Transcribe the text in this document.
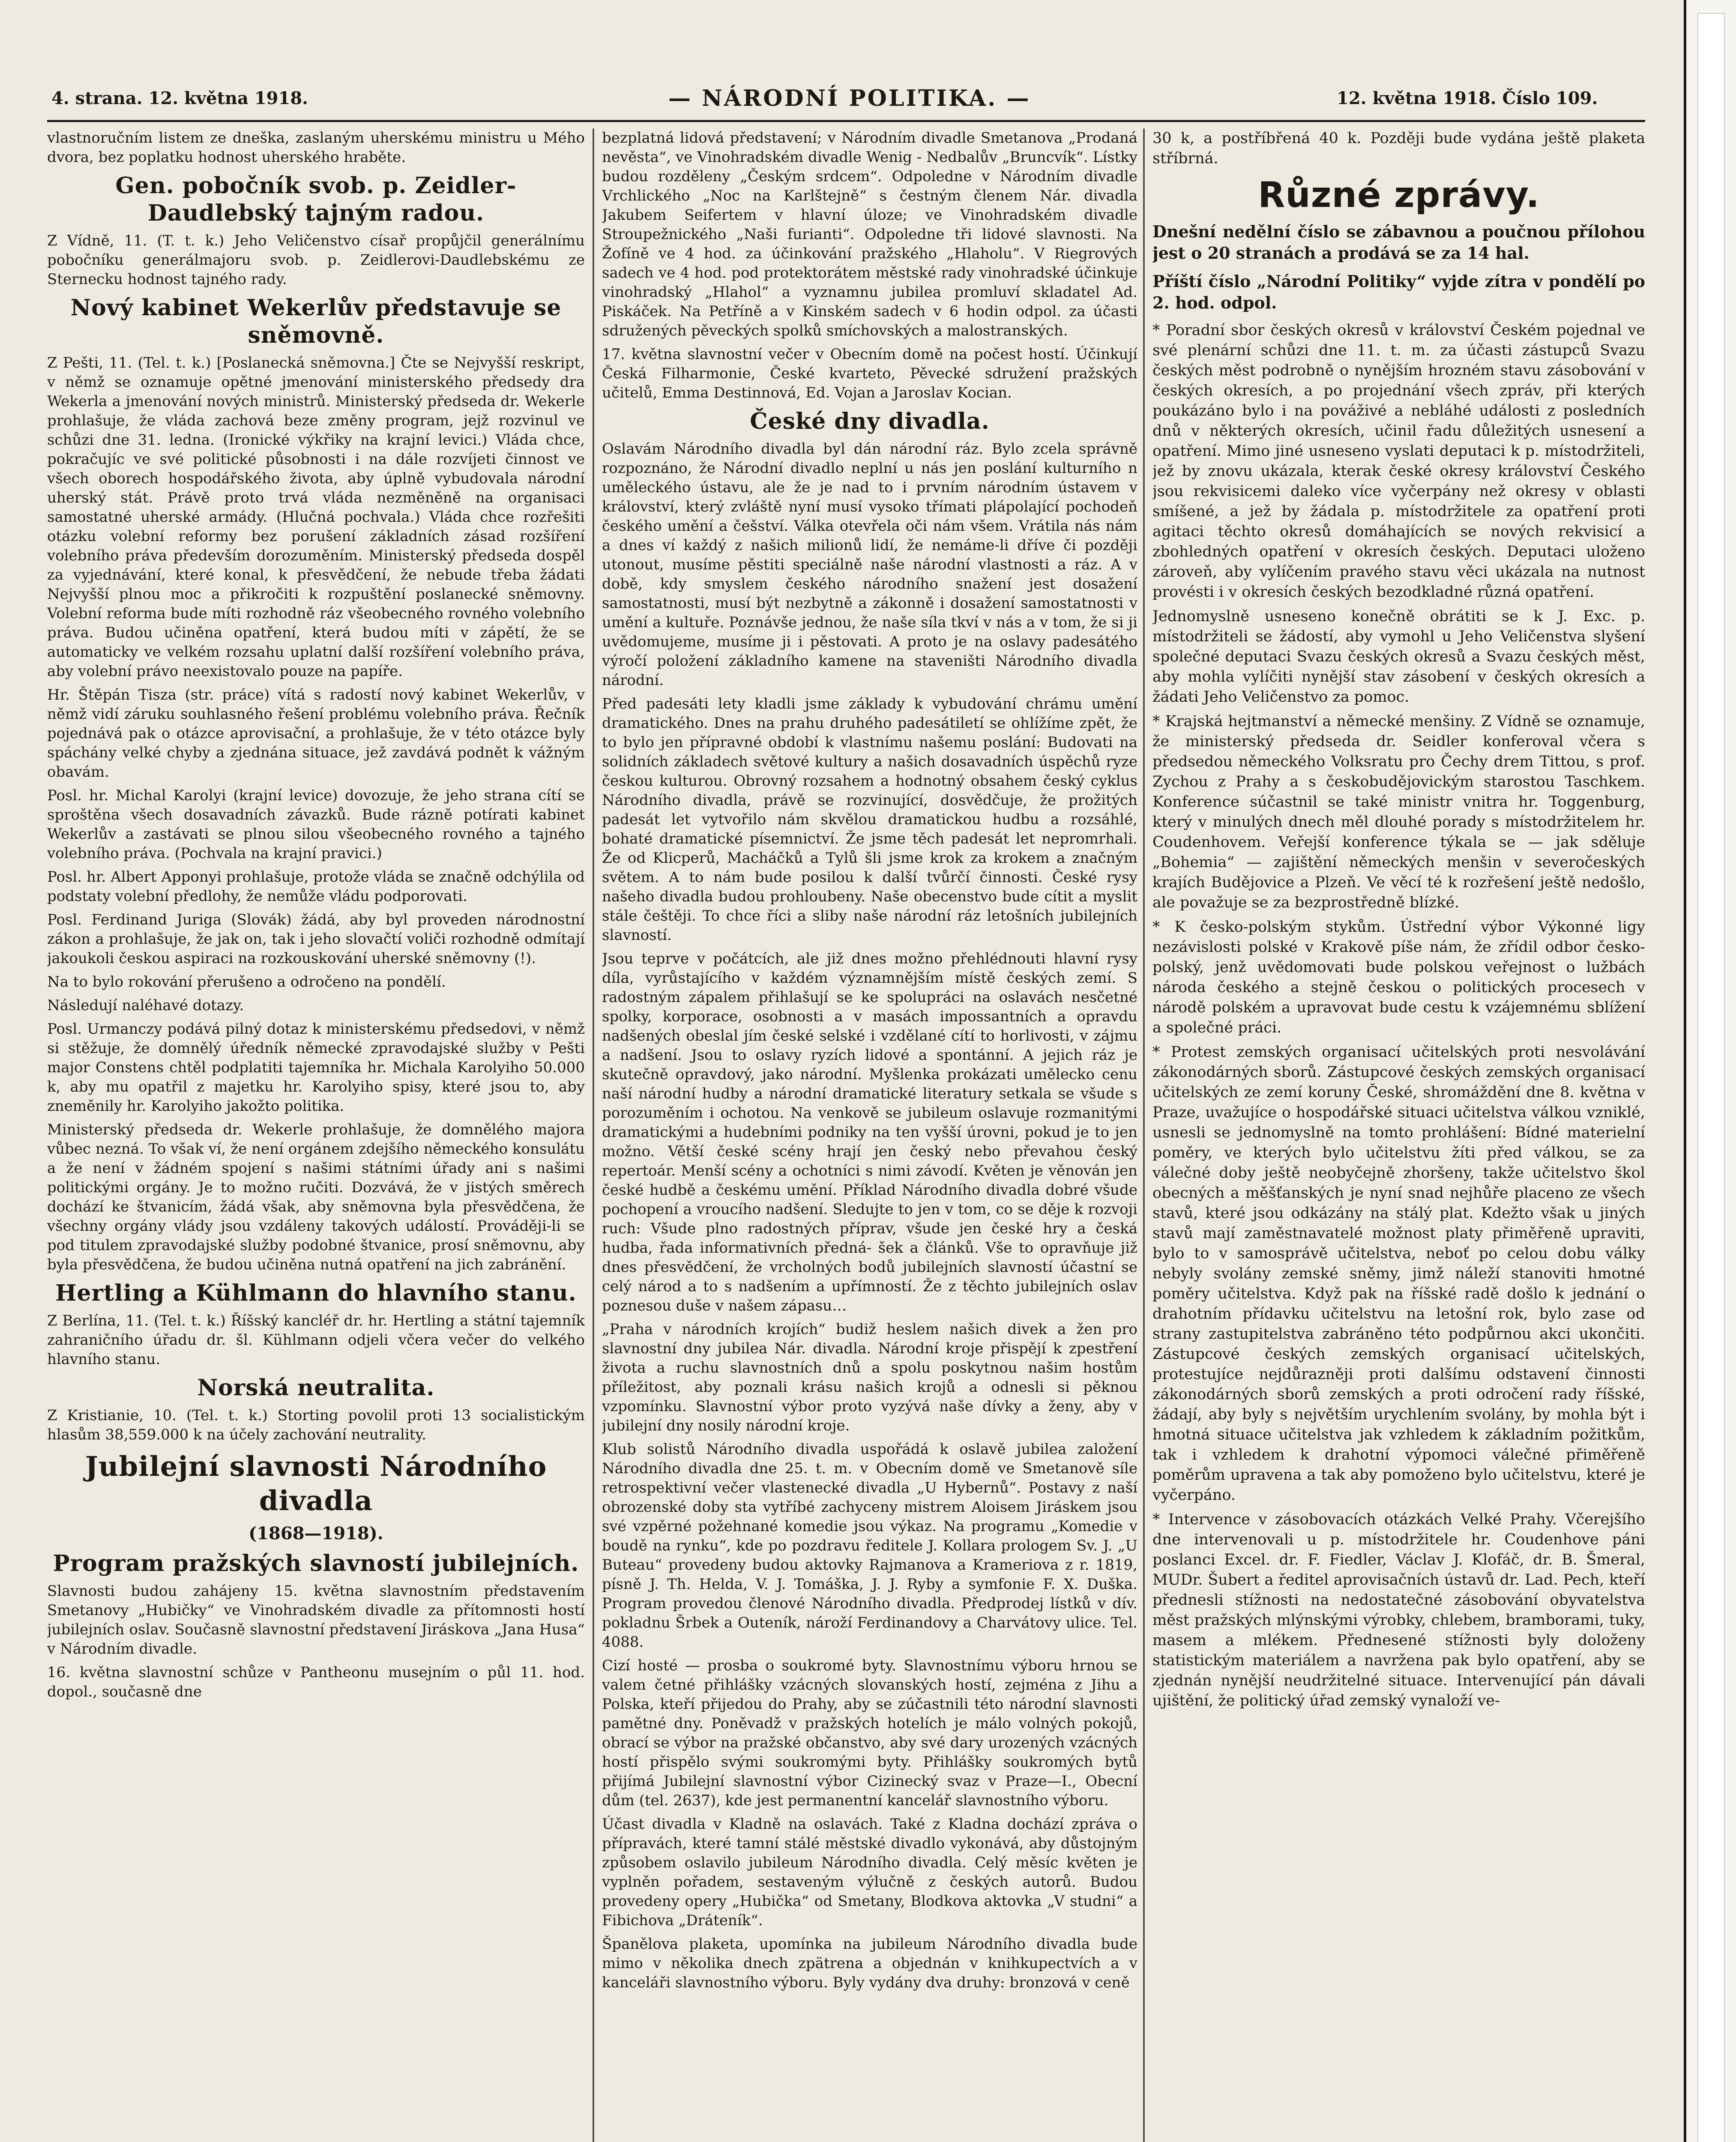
4. strana. 12. května 1918.	— NÁRODNÍ POLITIKA. —	12. května 1918. Číslo 109.

vlastnoručním listem ze dneška, zaslaným uherskému ministru u Mého dvora, bez poplatku hodnost uherského hraběte.

Gen. pobočník svob. p. Zeidler-Daudlebský tajným radou.

Z Vídně, 11. (T. t. k.) Jeho Veličenstvo císař propůjčil generálnímu pobočníku generálmajoru svob. p. Zeidlerovi-Daudlebskému ze Sternecku hodnost tajného rady.

Nový kabinet Wekerlův představuje se sněmovně.

Z Pešti, 11. (Tel. t. k.) [Poslanecká sněmovna.] Čte se Nejvyšší reskript, v němž se oznamuje opětné jmenování ministerského předsedy dra Wekerla a jmenování nových ministrů. Ministerský předseda dr. Wekerle prohlašuje, že vláda zachová beze změny program, jejž rozvinul ve schůzi dne 31. ledna. (Ironické výkřiky na krajní levici.) Vláda chce, pokračujíc ve své politické působnosti i na dále rozvíjeti činnost ve všech oborech hospodářského života, aby úplně vybudovala národní uherský stát. Právě proto trvá vláda nezměněně na organisaci samostatné uherské armády. (Hlučná pochvala.) Vláda chce rozřešiti otázku volební reformy bez porušení základních zásad rozšíření volebního práva především dorozuměním. Ministerský předseda dospěl za vyjednávání, které konal, k přesvědčení, že nebude třeba žádati Nejvyšší plnou moc a přikročiti k rozpuštění poslanecké sněmovny. Volební reforma bude míti rozhodně ráz všeobecného rovného volebního práva. Budou učiněna opatření, která budou míti v zápětí, že se automaticky ve velkém rozsahu uplatní další rozšíření volebního práva, aby volební právo neexistovalo pouze na papíře.

Hr. Štěpán Tisza (str. práce) vítá s radostí nový kabinet Wekerlův, v němž vidí záruku souhlasného řešení problému volebního práva. Řečník pojednává pak o otázce aprovisační, a prohlašuje, že v této otázce byly spáchány velké chyby a zjednána situace, jež zavdává podnět k vážným obavám.

Posl. hr. Michal Karolyi (krajní levice) dovozuje, že jeho strana cítí se sproštěna všech dosavadních závazků. Bude rázně potírati kabinet Wekerlův a zastávati se plnou silou všeobecného rovného a tajného volebního práva. (Pochvala na krajní pravici.)

Posl. hr. Albert Apponyi prohlašuje, protože vláda se značně odchýlila od podstaty volební předlohy, že nemůže vládu podporovati.

Posl. Ferdinand Juriga (Slovák) žádá, aby byl proveden národnostní zákon a prohlašuje, že jak on, tak i jeho slovačtí voliči rozhodně odmítají jakoukoli českou aspiraci na rozkouskování uherské sněmovny (!).

Na to bylo rokování přerušeno a odročeno na pondělí.

Následují naléhavé dotazy.

Posl. Urmanczy podává pilný dotaz k ministerskému předsedovi, v němž si stěžuje, že domnělý úředník německé zpravodajské služby v Pešti major Constens chtěl podplatiti tajemníka hr. Michala Karolyiho 50.000 k, aby mu opatřil z majetku hr. Karolyiho spisy, které jsou to, aby zneměnily hr. Karolyiho jakožto politika.

Ministerský předseda dr. Wekerle prohlašuje, že domnělého majora vůbec nezná. To však ví, že není orgánem zdejšího německého konsulátu a že není v žádném spojení s našimi státními úřady ani s našimi politickými orgány. Je to možno ručiti. Dozvává, že v jistých směrech dochází ke štvanicím, žádá však, aby sněmovna byla přesvědčena, že všechny orgány vlády jsou vzdáleny takových událostí. Prováději-li se pod titulem zpravodajské služby podobné štvanice, prosí sněmovnu, aby byla přesvědčena, že budou učiněna nutná opatření na jich zabránění.

Hertling a Kühlmann do hlavního stanu.

Z Berlína, 11. (Tel. t. k.) Říšský kancléř dr. hr. Hertling a státní tajemník zahraničního úřadu dr. šl. Kühlmann odjeli včera večer do velkého hlavního stanu.

Norská neutralita.

Z Kristianie, 10. (Tel. t. k.) Storting povolil proti 13 socialistickým hlasům 38,559.000 k na účely zachování neutrality.

Jubilejní slavnosti Národního divadla
(1868—1918).
Program pražských slavností jubilejních.

Slavnosti budou zahájeny 15. května slavnostním představením Smetanovy „Hubičky“ ve Vinohradském divadle za přítomnosti hostí jubilejních oslav. Současně slavnostní představení Jiráskova „Jana Husa“ v Národním divadle.

16. května slavnostní schůze v Pantheonu musejním o půl 11. hod. dopol., současně dne

bezplatná lidová představení; v Národním divadle Smetanova „Prodaná nevěsta“, ve Vinohradském divadle Wenig - Nedbalův „Bruncvík“. Lístky budou rozděleny „Českým srdcem“. Odpoledne v Národním divadle Vrchlického „Noc na Karlštejně“ s čestným členem Nár. divadla Jakubem Seifertem v hlavní úloze; ve Vinohradském divadle Stroupežnického „Naši furianti“. Odpoledne tři lidové slavnosti. Na Žofíně ve 4 hod. za účinkování pražského „Hlaholu“. V Riegrových sadech ve 4 hod. pod protektorátem městské rady vinohradské účinkuje vinohradský „Hlahol“ a vyznamnu jubilea promluví skladatel Ad. Piskáček. Na Petříně a v Kinském sadech v 6 hodin odpol. za účasti sdružených pěveckých spolků smíchovských a malostranských.

17. května slavnostní večer v Obecním domě na počest hostí. Účinkují Česká Filharmonie, České kvarteto, Pěvecké sdružení pražských učitelů, Emma Destinnová, Ed. Vojan a Jaroslav Kocian.

České dny divadla.

Oslavám Národního divadla byl dán národní ráz. Bylo zcela správně rozpoznáno, že Národní divadlo neplní u nás jen poslání kulturního n uměleckého ústavu, ale že je nad to i prvním národním ústavem v království, který zvláště nyní musí vysoko třímati plápolající pochodeň českého umění a češství. Válka otevřela oči nám všem. Vrátila nás nám a dnes ví každý z našich milionů lidí, že nemáme-li dříve či později utonout, musíme pěstiti speciálně naše národní vlastnosti a ráz. A v době, kdy smyslem českého národního snažení jest dosažení samostatnosti, musí být nezbytně a zákonně i dosažení samostatnosti v umění a kultuře. Poznávše jednou, že naše síla tkví v nás a v tom, že si ji uvědomujeme, musíme ji i pěstovati. A proto je na oslavy padesátého výročí položení základního kamene na staveništi Národního divadla národní.

Před padesáti lety kladli jsme základy k vybudování chrámu umění dramatického. Dnes na prahu druhého padesátiletí se ohlížíme zpět, že to bylo jen přípravné období k vlastnímu našemu poslání: Budovati na solidních základech světové kultury a našich dosavadních úspěchů ryze českou kulturou. Obrovný rozsahem a hodnotný obsahem český cyklus Národního divadla, právě se rozvinující, dosvědčuje, že prožitých padesát let vytvořilo nám skvělou dramatickou hudbu a rozsáhlé, bohaté dramatické písemnictví. Že jsme těch padesát let nepromrhali. Že od Klicperů, Macháčků a Tylů šli jsme krok za krokem a značným světem. A to nám bude posilou k další tvůrčí činnosti. České rysy našeho divadla budou prohloubeny. Naše obecenstvo bude cítit a myslit stále češtěji. To chce říci a sliby naše národní ráz letošních jubilejních slavností.

Jsou teprve v počátcích, ale již dnes možno přehlédnouti hlavní rysy díla, vyrůstajícího v každém významnějším místě českých zemí. S radostným zápalem přihlašují se ke spolupráci na oslavách nesčetné spolky, korporace, osobnosti a v masách impossantních a opravdu nadšených obeslal jím české selské i vzdělané cítí to horlivosti, v zájmu a nadšení. Jsou to oslavy ryzích lidové a spontánní. A jejich ráz je skutečně opravdový, jako národní. Myšlenka prokázati umělecko cenu naší národní hudby a národní dramatické literatury setkala se všude s porozuměním i ochotou. Na venkově se jubileum oslavuje rozmanitými dramatickými a hudebními podniky na ten vyšší úrovni, pokud je to jen možno. Větší české scény hrají jen český nebo převahou český repertoár. Menší scény a ochotníci s nimi závodí. Květen je věnován jen české hudbě a českému umění. Příklad Národního divadla dobré všude pochopení a vroucího nadšení. Sledujte to jen v tom, co se děje k rozvoji ruch: Všude plno radostných příprav, všude jen české hry a česká hudba, řada informativních předná- šek a článků. Vše to opravňuje již dnes přesvědčení, že vrcholných bodů jubilejních slavností účastní se celý národ a to s nadšením a upřímností. Že z těchto jubilejních oslav poznesou duše v našem zápasu…

„Praha v národních krojích“ budiž heslem našich divek a žen pro slavnostní dny jubilea Nár. divadla. Národní kroje přispějí k zpestření života a ruchu slavnostních dnů a spolu poskytnou našim hostům příležitost, aby poznali krásu našich krojů a odnesli si pěknou vzpomínku. Slavnostní výbor proto vyzývá naše dívky a ženy, aby v jubilejní dny nosily národní kroje.

Klub solistů Národního divadla uspořádá k oslavě jubilea založení Národního divadla dne 25. t. m. v Obecním domě ve Smetanově síle retrospektivní večer vlastenecké divadla „U Hybernů“. Postavy z naší obrozenské doby sta vytříbé zachyceny mistrem Aloisem Jiráskem jsou své vzpěrné požehnané komedie jsou výkaz. Na programu „Komedie v boudě na rynku“, kde po pozdravu ředitele J. Kollara prologem Sv. J. „U Buteau“ provedeny budou aktovky Rajmanova a Krameriova z r. 1819, písně J. Th. Helda, V. J. Tomáška, J. J. Ryby a symfonie F. X. Duška. Program provedou členové Národního divadla. Předprodej lístků v dív. pokladnu Šrbek a Outeník, nároží Ferdinandovy a Charvátovy ulice. Tel. 4088.

Cizí hosté — prosba o soukromé byty. Slavnostnímu výboru hrnou se valem četné přihlášky vzácných slovanských hostí, zejména z Jihu a Polska, kteří přijedou do Prahy, aby se zúčastnili této národní slavnosti pamětné dny. Poněvadž v pražských hotelích je málo volných pokojů, obrací se výbor na pražské občanstvo, aby své dary urozených vzácných hostí přispělo svými soukromými byty. Přihlášky soukromých bytů přijímá Jubilejní slavnostní výbor Cizinecký svaz v Praze—I., Obecní dům (tel. 2637), kde jest permanentní kancelář slavnostního výboru.

Účast divadla v Kladně na oslavách. Také z Kladna dochází zpráva o přípravách, které tamní stálé městské divadlo vykonává, aby důstojným způsobem oslavilo jubileum Národního divadla. Celý měsíc květen je vyplněn pořadem, sestaveným výlučně z českých autorů. Budou provedeny opery „Hubička“ od Smetany, Blodkova aktovka „V studni“ a Fibichova „Dráteník“.

Španělova plaketa, upomínka na jubileum Národního divadla bude mimo v několika dnech zpätrena a objednán v knihkupectvích a v kanceláři slavnostního výboru. Byly vydány dva druhy: bronzová v ceně

30 k, a postříbřená 40 k. Později bude vydána ještě plaketa stříbrná.

Různé zprávy.

Dnešní nedělní číslo se zábavnou a poučnou přílohou jest o 20 stranách a prodává se za 14 hal.

Příští číslo „Národní Politiky“ vyjde zítra v pondělí po 2. hod. odpol.

* Poradní sbor českých okresů v království Českém pojednal ve své plenární schůzi dne 11. t. m. za účasti zástupců Svazu českých měst podrobně o nynějším hrozném stavu zásobování v českých okresích, a po projednání všech zpráv, při kterých poukázáno bylo i na pováživé a nebláhé události z posledních dnů v některých okresích, učinil řadu důležitých usnesení a opatření. Mimo jiné usneseno vyslati deputaci k p. místodržiteli, jež by znovu ukázala, kterak české okresy království Českého jsou rekvisicemi daleko více vyčerpány než okresy v oblasti smíšené, a jež by žádala p. místodržitele za opatření proti agitaci těchto okresů domáhajících se nových rekvisicí a zbohledných opatření v okresích českých. Deputaci uloženo zároveň, aby vylíčením pravého stavu věci ukázala na nutnost provésti i v okresích českých bezodkladné různá opatření.

Jednomyslně usneseno konečně obrátiti se k J. Exc. p. místodržiteli se žádostí, aby vymohl u Jeho Veličenstva slyšení společné deputaci Svazu českých okresů a Svazu českých měst, aby mohla vylíčiti nynější stav zásobení v českých okresích a žádati Jeho Veličenstvo za pomoc.

* Krajská hejtmanství a německé menšiny. Z Vídně se oznamuje, že ministerský předseda dr. Seidler konferoval včera s předsedou německého Volksratu pro Čechy drem Tittou, s prof. Zychou z Prahy a s českobudějovickým starostou Taschkem. Konference súčastnil se také ministr vnitra hr. Toggenburg, který v minulých dnech měl dlouhé porady s místodržitelem hr. Coudenhovem. Veřejší konference týkala se — jak sděluje „Bohemia“ — zajištění německých menšin v severočeských krajích Budějovice a Plzeň. Ve věcí té k rozřešení ještě nedošlo, ale považuje se za bezprostředně blízké.

* K česko-polským stykům. Ústřední výbor Výkonné ligy nezávislosti polské v Krakově píše nám, že zřídil odbor česko-polský, jenž uvědomovati bude polskou veřejnost o lužbách národa českého a stejně českou o politických procesech v národě polském a upravovat bude cestu k vzájemnému sblížení a společné práci.

* Protest zemských organisací učitelských proti nesvolávání zákonodárných sborů. Zástupcové českých zemských organisací učitelských ze zemí koruny České, shromáždění dne 8. května v Praze, uvažujíce o hospodářské situaci učitelstva válkou vzniklé, usnesli se jednomyslně na tomto prohlášení: Bídné materielní poměry, ve kterých bylo učitelstvu žíti před válkou, se za válečné doby ještě neobyčejně zhoršeny, takže učitelstvo škol obecných a měšťanských je nyní snad nejhůře placeno ze všech stavů, které jsou odkázány na stálý plat. Kdežto však u jiných stavů mají zaměstnavatelé možnost platy přiměřeně upraviti, bylo to v samosprávě učitelstva, neboť po celou dobu války nebyly svolány zemské sněmy, jimž náleží stanoviti hmotné poměry učitelstva. Když pak na říšské radě došlo k jednání o drahotním přídavku učitelstvu na letošní rok, bylo zase od strany zastupitelstva zabráněno této podpůrnou akci ukončiti. Zástupcové českých zemských organisací učitelských, protestujíce nejdůrazněji proti dalšímu odstavení činnosti zákonodárných sborů zemských a proti odročení rady říšské, žádají, aby byly s největším urychlením svolány, by mohla být i hmotná situace učitelstva jak vzhledem k základním požitkům, tak i vzhledem k drahotní výpomoci válečné přiměřeně poměrům upravena a tak aby pomoženo bylo učitelstvu, které je vyčerpáno.

* Intervence v zásobovacích otázkách Velké Prahy. Včerejšího dne intervenovali u p. místodržitele hr. Coudenhove páni poslanci Excel. dr. F. Fiedler, Václav J. Klofáč, dr. B. Šmeral, MUDr. Šubert a ředitel aprovisačních ústavů dr. Lad. Pech, kteří přednesli stížnosti na nedostatečné zásobování obyvatelstva měst pražských mlýnskými výrobky, chlebem, bramborami, tuky, masem a mlékem. Přednesené stížnosti byly doloženy statistickým materiálem a navržena pak bylo opatření, aby se zjednán nynější neudržitelné situace. Intervenující pán dávali ujištění, že politický úřad zemský vynaloží ve-
